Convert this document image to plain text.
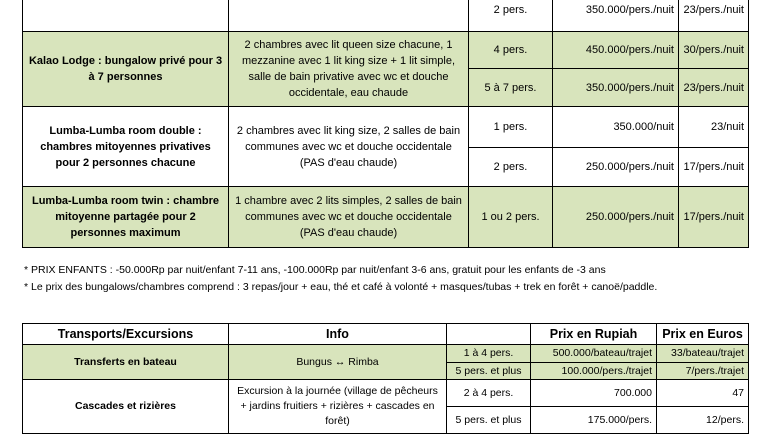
		2 pers.	350.000/pers./nuit	23/pers./nuit
Kalao Lodge : bungalow privé pour 3 à 7 personnes	2 chambres avec lit queen size chacune, 1 mezzanine avec 1 lit king size + 1 lit simple, salle de bain privative avec wc et douche occidentale, eau chaude	4 pers.	450.000/pers./nuit	30/pers./nuit
		5 à 7 pers.	350.000/pers./nuit	23/pers./nuit
Lumba-Lumba room double : chambres mitoyennes privatives pour 2 personnes chacune	2 chambres avec lit king size, 2 salles de bain communes avec wc et douche occidentale (PAS d'eau chaude)	1 pers.	350.000/nuit	23/nuit
		2 pers.	250.000/pers./nuit	17/pers./nuit
Lumba-Lumba room twin : chambre mitoyenne partagée pour 2 personnes maximum	1 chambre avec 2 lits simples, 2 salles de bain communes avec wc et douche occidentale (PAS d'eau chaude)	1 ou 2 pers.	250.000/pers./nuit	17/pers./nuit
* PRIX ENFANTS : -50.000Rp par nuit/enfant 7-11 ans, -100.000Rp par nuit/enfant 3-6 ans, gratuit pour les enfants de -3 ans
* Le prix des bungalows/chambres comprend : 3 repas/jour + eau, thé et café à volonté + masques/tubas + trek en forêt + canoë/paddle.
Transports/Excursions	Info		Prix en Rupiah	Prix en Euros
Transferts en bateau	Bungus ↔ Rimba	1 à 4 pers.	500.000/bateau/trajet	33/bateau/trajet
		5 pers. et plus	100.000/pers./trajet	7/pers./trajet
Cascades et rizières	Excursion à la journée (village de pêcheurs + jardins fruitiers + rizières + cascades en forêt)	2 à 4 pers.	700.000	47
		5 pers. et plus	175.000/pers.	12/pers.
